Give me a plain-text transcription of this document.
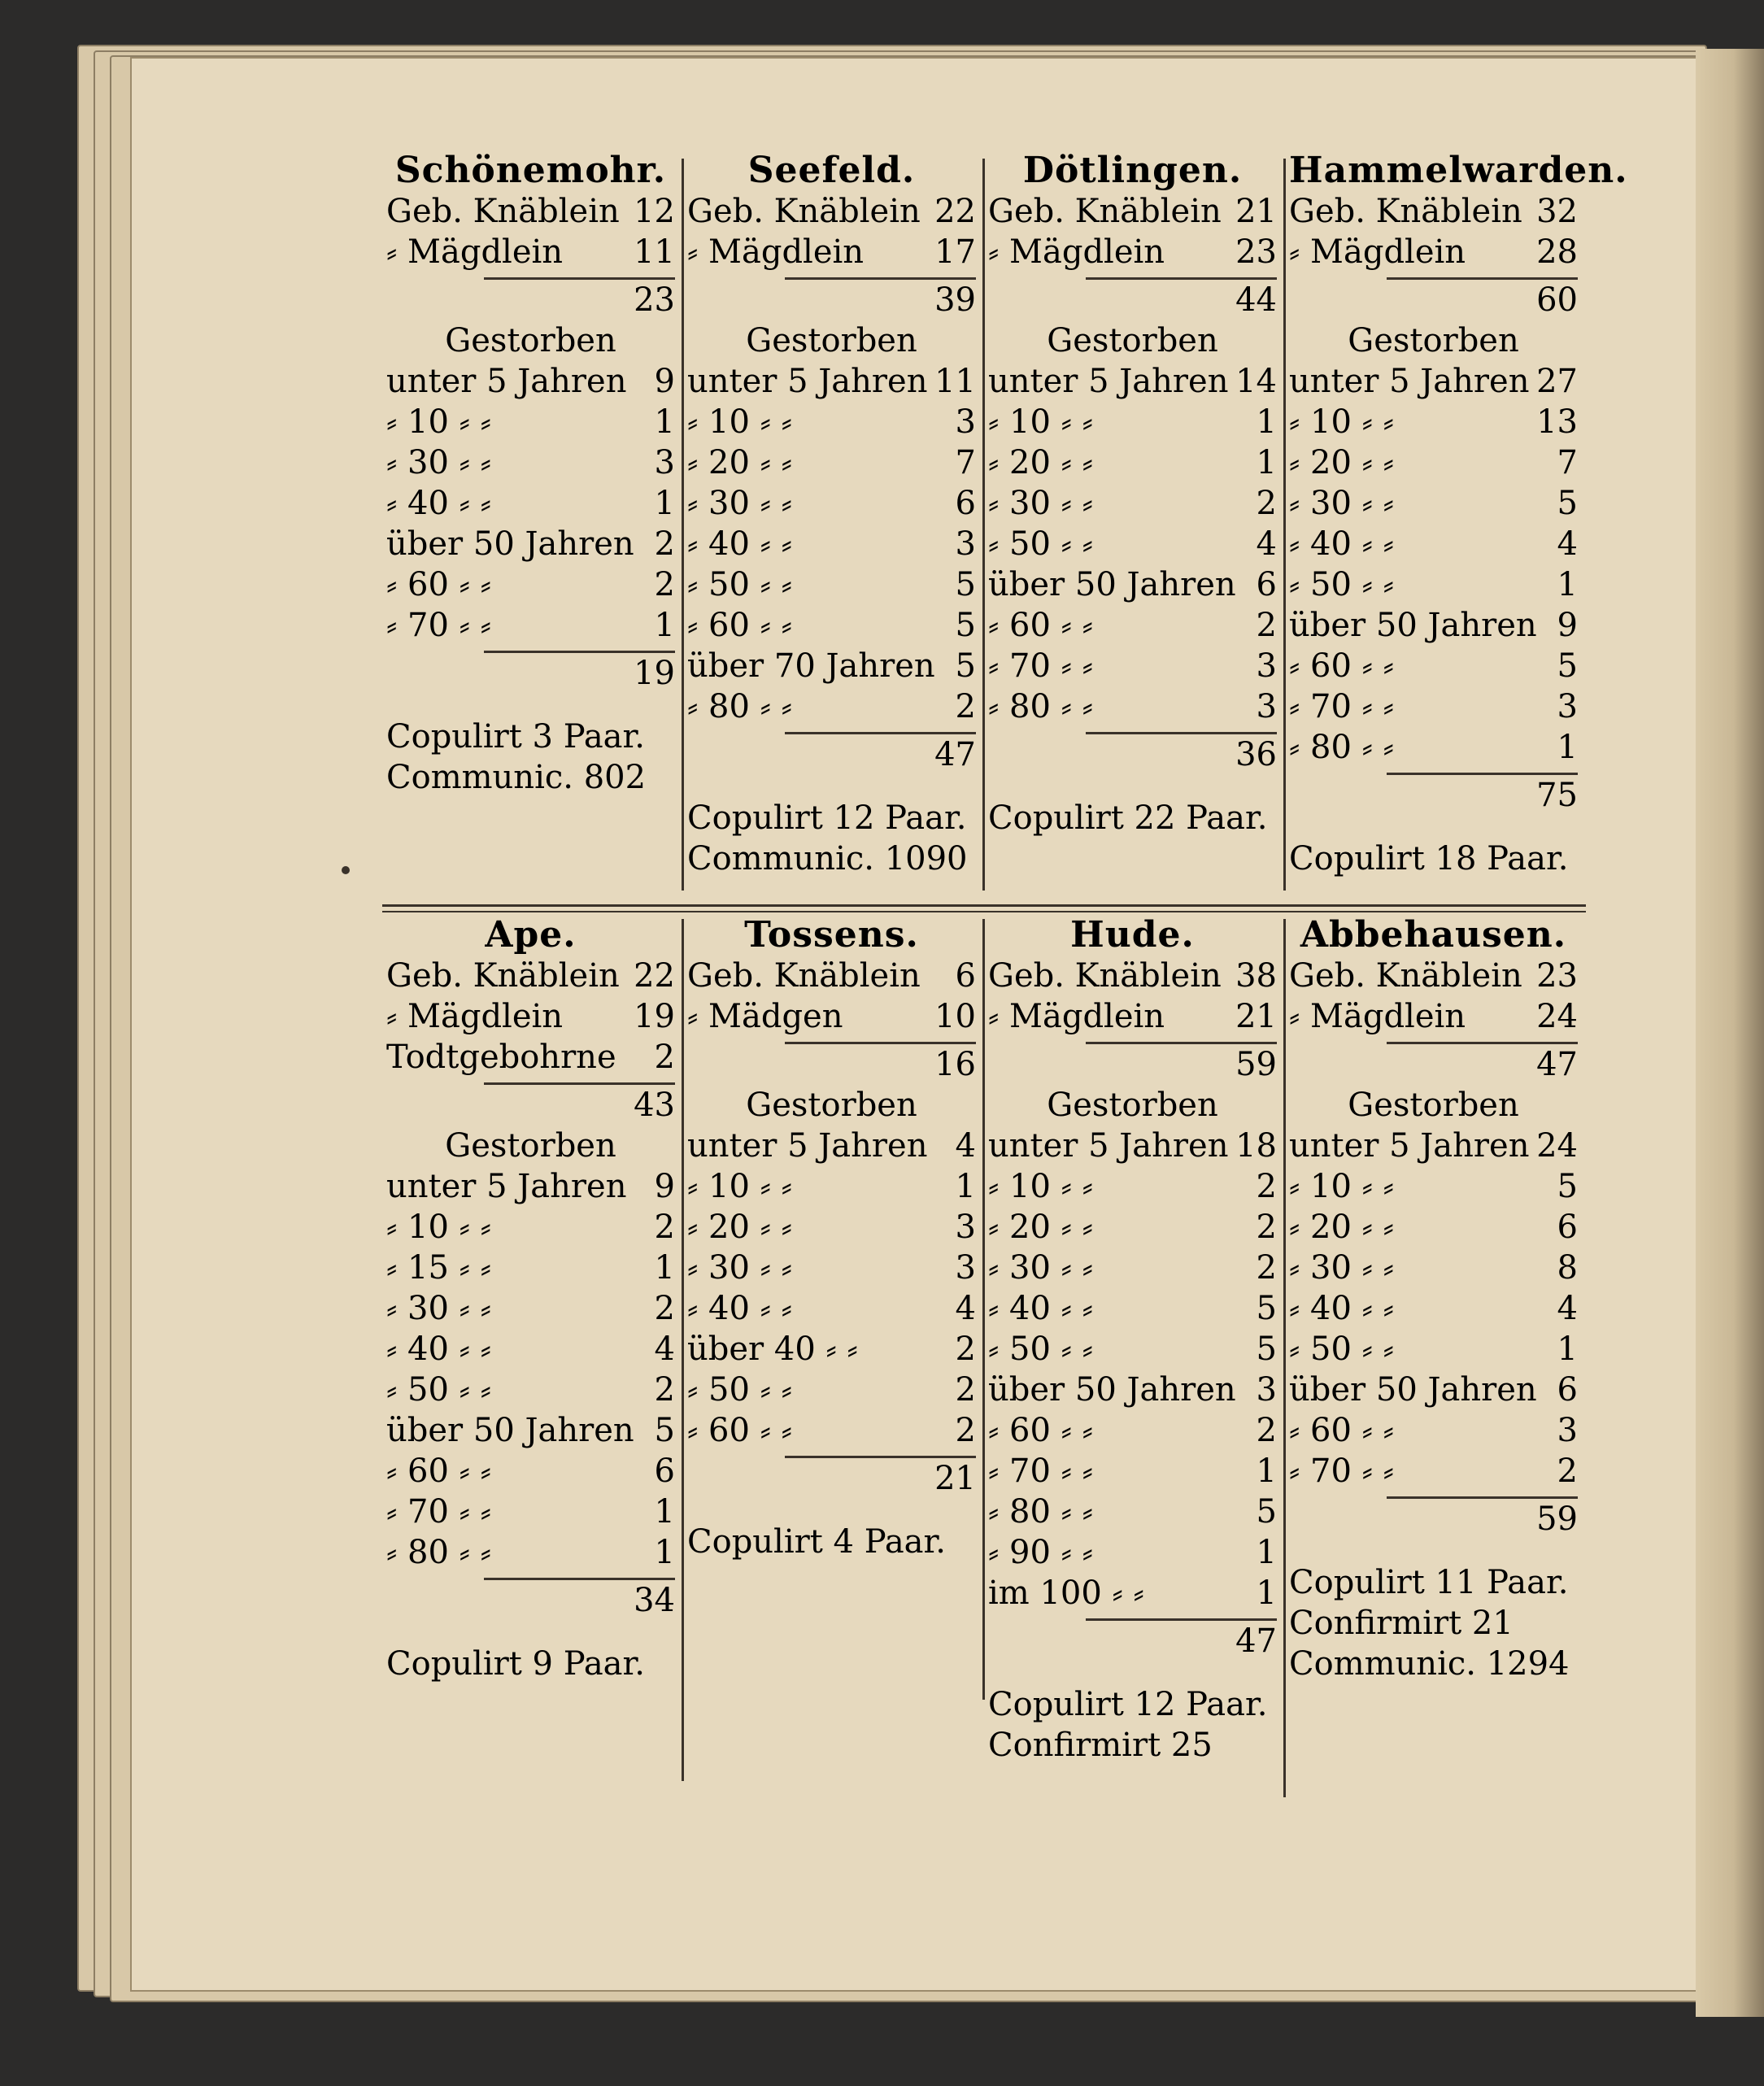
Schönemohr.
Geb. Knäblein 12
⸗ Mägdlein 11
23
Gestorben
unter 5 Jahren 9
⸗ 10 ⸗ ⸗	1
⸗ 30 ⸗ ⸗	3
⸗ 40 ⸗ ⸗	1
über 50 Jahren 2
⸗ 60 ⸗ ⸗	2
⸗ 70 ⸗ ⸗	1
19
Copulirt 3 Paar.
Communic. 802
Seefeld.
Geb. Knäblein 22
⸗ Mägdlein 17
39
Gestorben
unter 5 Jahren 11
⸗ 10 ⸗ ⸗	3
⸗ 20 ⸗ ⸗	7
⸗ 30 ⸗ ⸗	6
⸗ 40 ⸗ ⸗	3
⸗ 50 ⸗ ⸗	5
⸗ 60 ⸗ ⸗	5
über 70 Jahren 5
⸗ 80 ⸗ ⸗	2
47
Copulirt 12 Paar.
Communic. 1090
Dötlingen.
Geb. Knäblein 21
⸗ Mägdlein 23
44
Gestorben
unter 5 Jahren 14
⸗ 10 ⸗ ⸗	1
⸗ 20 ⸗ ⸗	1
⸗ 30 ⸗ ⸗	2
⸗ 50 ⸗ ⸗	4
über 50 Jahren 6
⸗ 60 ⸗ ⸗	2
⸗ 70 ⸗ ⸗	3
⸗ 80 ⸗ ⸗	3
36
Copulirt 22 Paar.
Hammelwarden.
Geb. Knäblein 32
⸗ Mägdlein 28
60
Gestorben
unter 5 Jahren 27
⸗ 10 ⸗ ⸗	13
⸗ 20 ⸗ ⸗	7
⸗ 30 ⸗ ⸗	5
⸗ 40 ⸗ ⸗	4
⸗ 50 ⸗ ⸗	1
über 50 Jahren 9
⸗ 60 ⸗ ⸗	5
⸗ 70 ⸗ ⸗	3
⸗ 80 ⸗ ⸗	1
75
Copulirt 18 Paar.
Ape.
Geb. Knäblein 22
⸗ Mägdlein 19
Todtgebohrne	2
43
Gestorben
unter 5 Jahren 9
⸗ 10 ⸗ ⸗	2
⸗ 15 ⸗ ⸗	1
⸗ 30 ⸗ ⸗	2
⸗ 40 ⸗ ⸗	4
⸗ 50 ⸗ ⸗	2
über 50 Jahren 5
⸗ 60 ⸗ ⸗	6
⸗ 70 ⸗ ⸗	1
⸗ 80 ⸗ ⸗	1
34
Copulirt 9 Paar.
Tossens.
Geb. Knäblein	6
⸗ Mädgen	10
16
Gestorben
unter 5 Jahren 4
⸗ 10 ⸗ ⸗	1
⸗ 20 ⸗ ⸗	3
⸗ 30 ⸗ ⸗	3
⸗ 40 ⸗ ⸗	4
über 40 ⸗ ⸗	2
⸗ 50 ⸗ ⸗	2
⸗ 60 ⸗ ⸗	2
21
Copulirt 4 Paar.
Hude.
Geb. Knäblein 38
⸗ Mägdlein 21
59
Gestorben
unter 5 Jahren 18
⸗ 10 ⸗ ⸗	2
⸗ 20 ⸗ ⸗	2
⸗ 30 ⸗ ⸗	2
⸗ 40 ⸗ ⸗	5
⸗ 50 ⸗ ⸗	5
über 50 Jahren 3
⸗ 60 ⸗ ⸗	2
⸗ 70 ⸗ ⸗	1
⸗ 80 ⸗ ⸗	5
⸗ 90 ⸗ ⸗	1
im 100 ⸗ ⸗	1
47
Copulirt 12 Paar.
Confirmirt 25
Abbehausen.
Geb. Knäblein 23
⸗ Mägdlein 24
47
Gestorben
unter 5 Jahren 24
⸗ 10 ⸗ ⸗	5
⸗ 20 ⸗ ⸗	6
⸗ 30 ⸗ ⸗	8
⸗ 40 ⸗ ⸗	4
⸗ 50 ⸗ ⸗	1
über 50 Jahren 6
⸗ 60 ⸗ ⸗	3
⸗ 70 ⸗ ⸗	2
59
Copulirt 11 Paar.
Confirmirt 21
Communic. 1294
